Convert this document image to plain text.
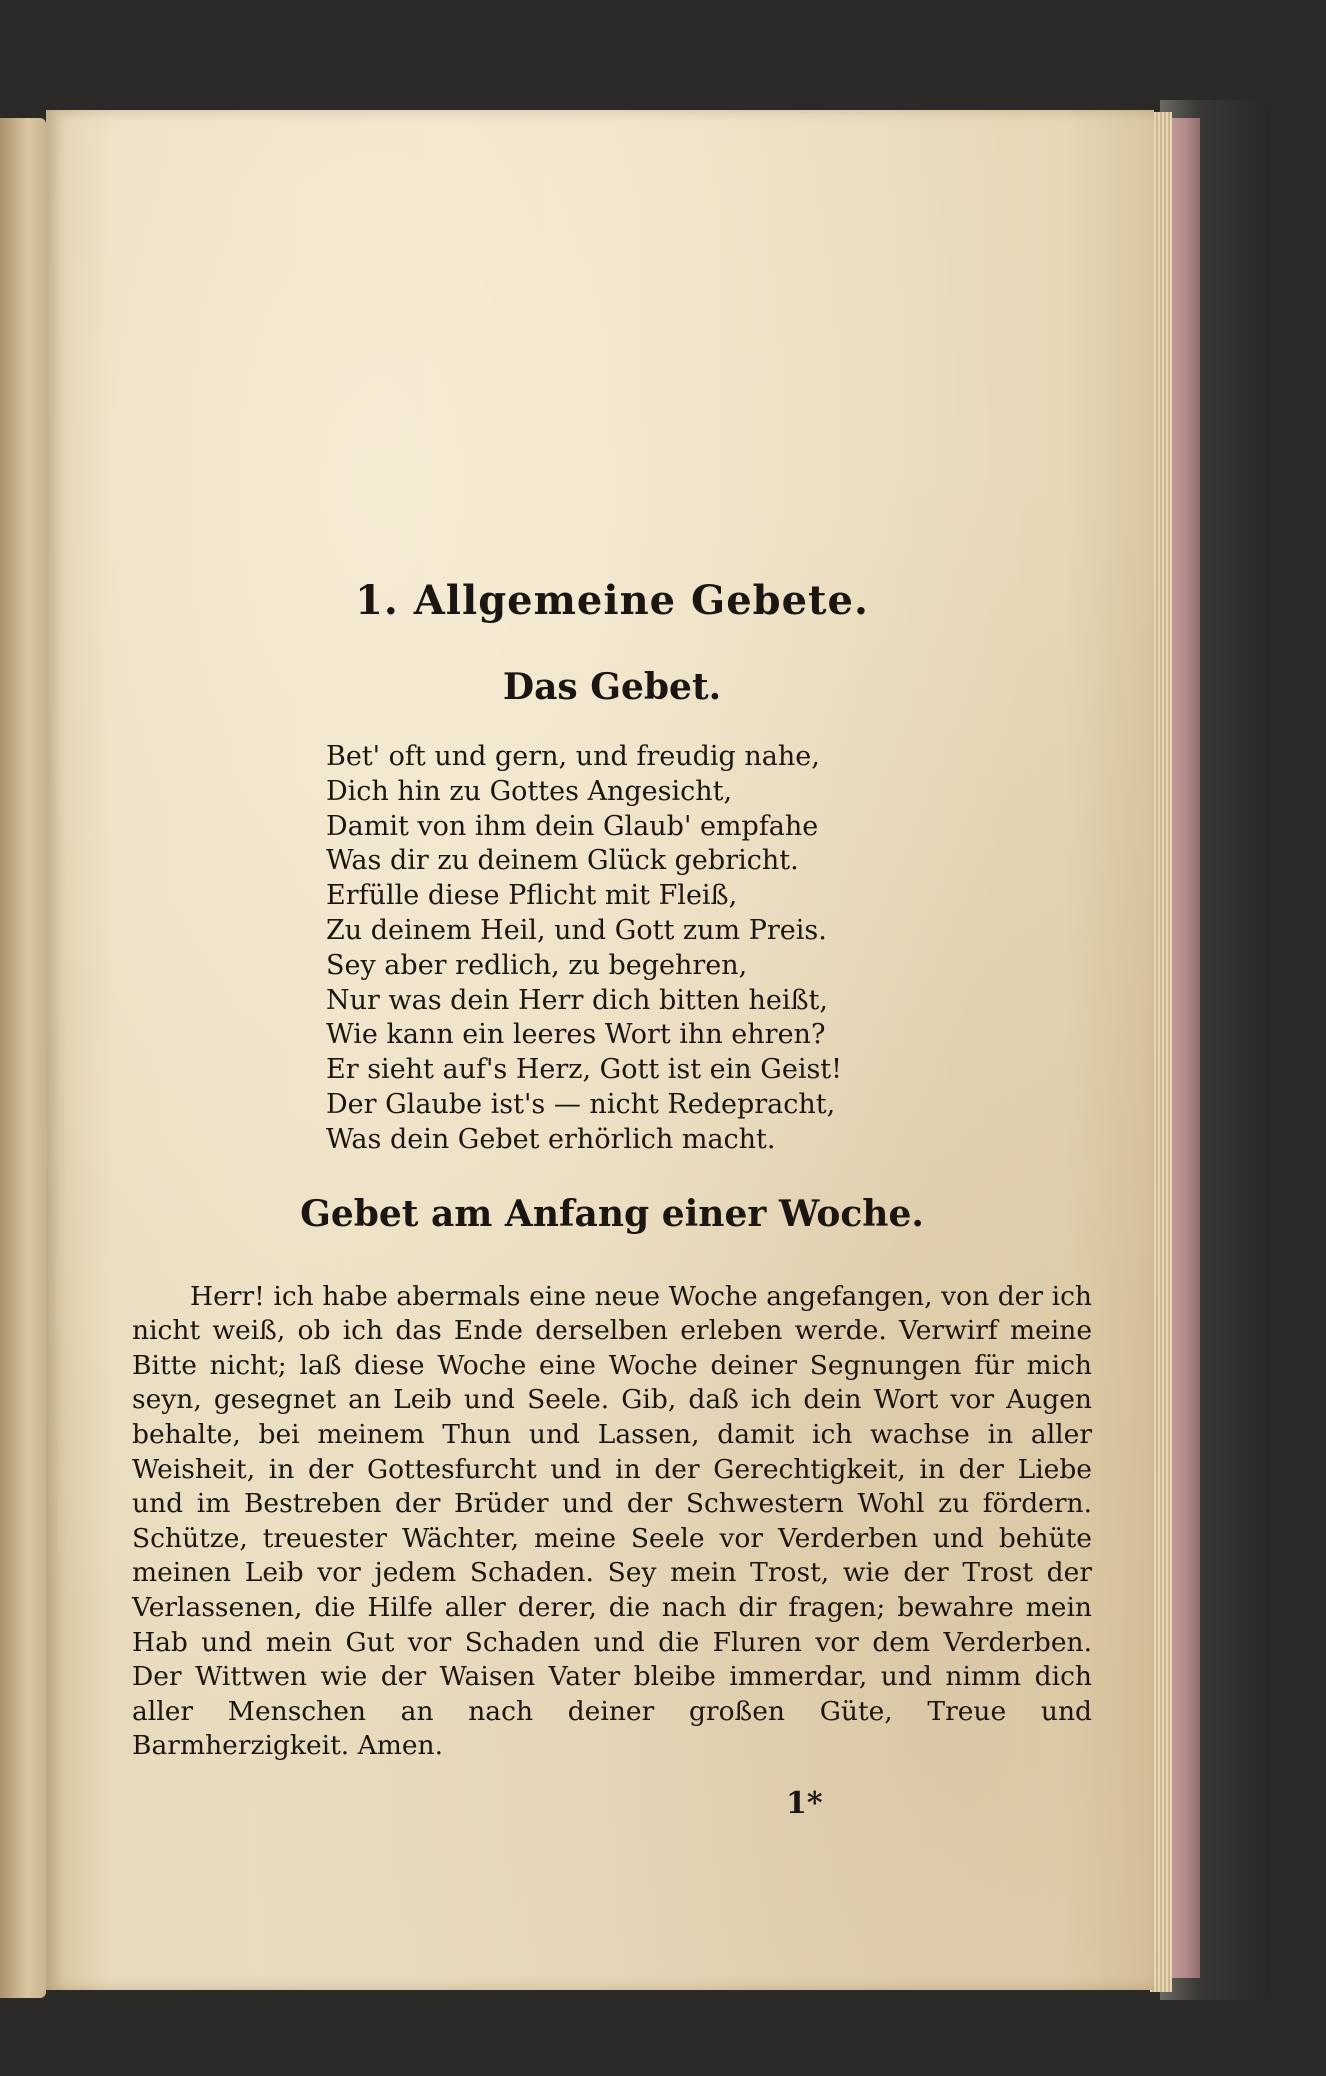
1. Allgemeine Gebete.
Das Gebet.
Bet' oft und gern, und freudig nahe,
Dich hin zu Gottes Angesicht,
Damit von ihm dein Glaub' empfahe
Was dir zu deinem Glück gebricht.
Erfülle diese Pflicht mit Fleiß,
Zu deinem Heil, und Gott zum Preis.
Sey aber redlich, zu begehren,
Nur was dein Herr dich bitten heißt,
Wie kann ein leeres Wort ihn ehren?
Er sieht auf's Herz, Gott ist ein Geist!
Der Glaube ist's — nicht Redepracht,
Was dein Gebet erhörlich macht.
Gebet am Anfang einer Woche.

Herr! ich habe abermals eine neue Woche angefangen, von der ich nicht weiß, ob ich das Ende derselben erleben werde. Verwirf meine Bitte nicht; laß diese Woche eine Woche deiner Segnungen für mich seyn, gesegnet an Leib und Seele. Gib, daß ich dein Wort vor Augen behalte, bei meinem Thun und Lassen, damit ich wachse in aller Weisheit, in der Gottesfurcht und in der Gerechtigkeit, in der Liebe und im Bestreben der Brüder und der Schwestern Wohl zu fördern. Schütze, treuester Wächter, meine Seele vor Verderben und behüte meinen Leib vor jedem Schaden. Sey mein Trost, wie der Trost der Verlassenen, die Hilfe aller derer, die nach dir fragen; bewahre mein Hab und mein Gut vor Schaden und die Fluren vor dem Verderben. Der Wittwen wie der Waisen Vater bleibe immerdar, und nimm dich aller Menschen an nach deiner großen Güte, Treue und Barmherzigkeit. Amen.

1*
